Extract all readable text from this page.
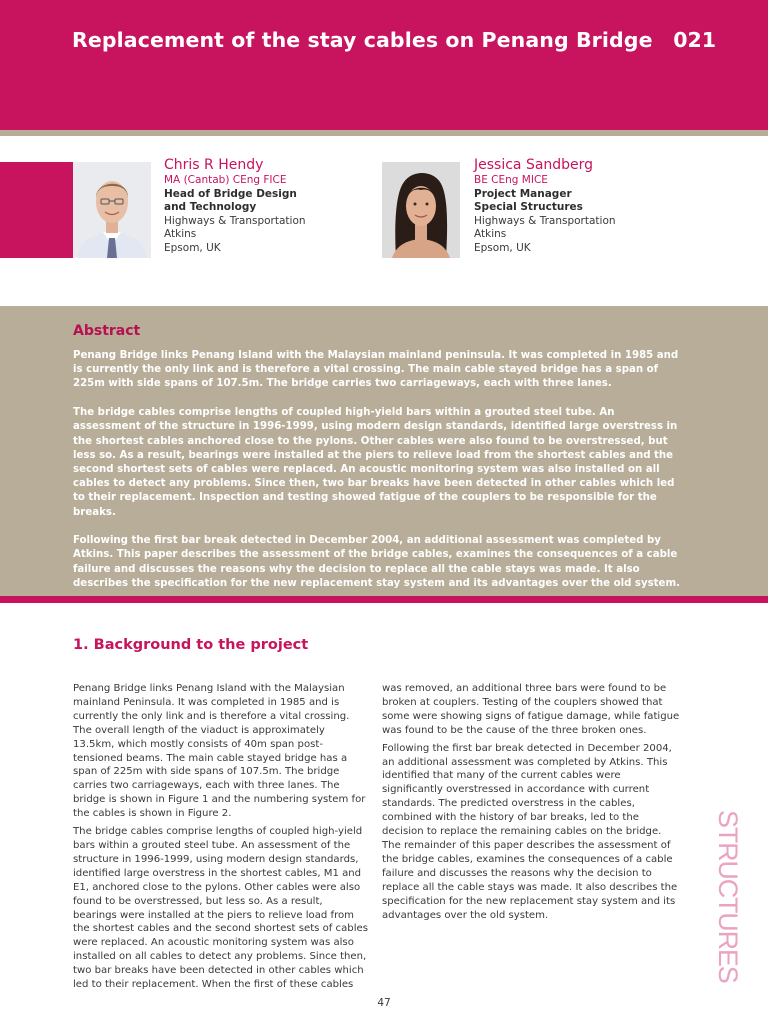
Replacement of the stay cables on Penang Bridge 021
Chris R Hendy
MA (Cantab) CEng FICE
Head of Bridge Design
and Technology
Highways & Transportation
Atkins
Epsom, UK
Jessica Sandberg
BE CEng MICE
Project Manager
Special Structures
Highways & Transportation
Atkins
Epsom, UK
Abstract

Penang Bridge links Penang Island with the Malaysian mainland peninsula. It was completed in 1985 and is currently the only link and is therefore a vital crossing. The main cable stayed bridge has a span of 225m with side spans of 107.5m. The bridge carries two carriageways, each with three lanes.

The bridge cables comprise lengths of coupled high-yield bars within a grouted steel tube. An assessment of the structure in 1996-1999, using modern design standards, identified large overstress in the shortest cables anchored close to the pylons. Other cables were also found to be overstressed, but less so. As a result, bearings were installed at the piers to relieve load from the shortest cables and the second shortest sets of cables were replaced. An acoustic monitoring system was also installed on all cables to detect any problems. Since then, two bar breaks have been detected in other cables which led to their replacement. Inspection and testing showed fatigue of the couplers to be responsible for the breaks.

Following the first bar break detected in December 2004, an additional assessment was completed by Atkins. This paper describes the assessment of the bridge cables, examines the consequences of a cable failure and discusses the reasons why the decision to replace all the cable stays was made. It also describes the specification for the new replacement stay system and its advantages over the old system.

1. Background to the project

Penang Bridge links Penang Island with the Malaysian mainland Peninsula. It was completed in 1985 and is currently the only link and is therefore a vital crossing. The overall length of the viaduct is approximately 13.5km, which mostly consists of 40m span post-tensioned beams. The main cable stayed bridge has a span of 225m with side spans of 107.5m. The bridge carries two carriageways, each with three lanes. The bridge is shown in Figure 1 and the numbering system for the cables is shown in Figure 2.

The bridge cables comprise lengths of coupled high-yield bars within a grouted steel tube. An assessment of the structure in 1996-1999, using modern design standards, identified large overstress in the shortest cables, M1 and E1, anchored close to the pylons. Other cables were also found to be overstressed, but less so. As a result, bearings were installed at the piers to relieve load from the shortest cables and the second shortest sets of cables were replaced. An acoustic monitoring system was also installed on all cables to detect any problems. Since then, two bar breaks have been detected in other cables which led to their replacement. When the first of these cables

was removed, an additional three bars were found to be broken at couplers. Testing of the couplers showed that some were showing signs of fatigue damage, while fatigue was found to be the cause of the three broken ones.

Following the first bar break detected in December 2004, an additional assessment was completed by Atkins. This identified that many of the current cables were significantly overstressed in accordance with current standards. The predicted overstress in the cables, combined with the history of bar breaks, led to the decision to replace the remaining cables on the bridge. The remainder of this paper describes the assessment of the bridge cables, examines the consequences of a cable failure and discusses the reasons why the decision to replace all the cable stays was made. It also describes the specification for the new replacement stay system and its advantages over the old system.	STRUCTURES
47
